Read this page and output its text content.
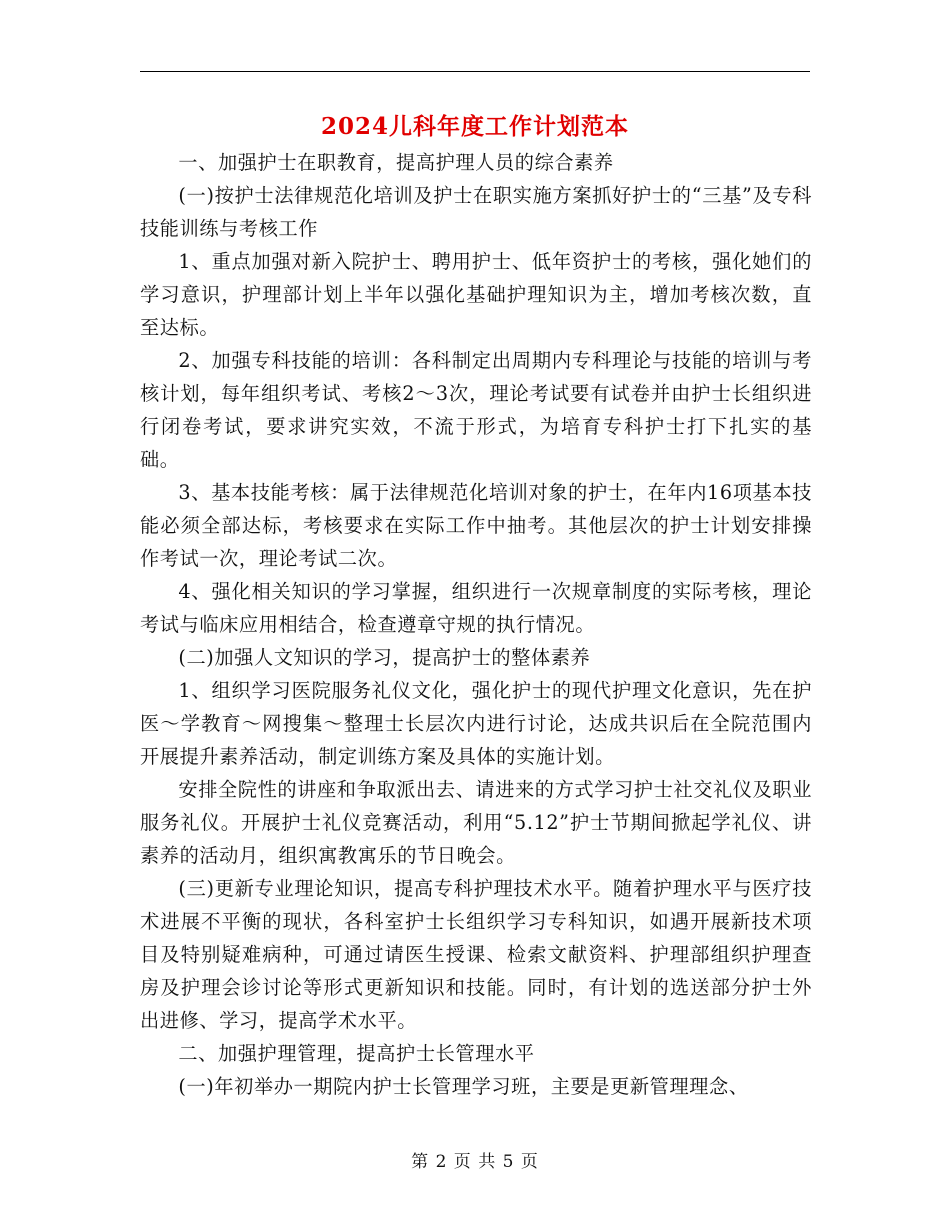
2024儿科年度工作计划范本

一、加强护士在职教育，提高护理人员的综合素养

(一)按护士法律规范化培训及护士在职实施方案抓好护士的“三基”及专科技能训练与考核工作

1、重点加强对新入院护士、聘用护士、低年资护士的考核，强化她们的学习意识，护理部计划上半年以强化基础护理知识为主，增加考核次数，直至达标。

2、加强专科技能的培训：各科制定出周期内专科理论与技能的培训与考核计划，每年组织考试、考核2～3次，理论考试要有试卷并由护士长组织进行闭卷考试，要求讲究实效，不流于形式，为培育专科护士打下扎实的基础。

3、基本技能考核：属于法律规范化培训对象的护士，在年内16项基本技能必须全部达标，考核要求在实际工作中抽考。其他层次的护士计划安排操作考试一次，理论考试二次。

4、强化相关知识的学习掌握，组织进行一次规章制度的实际考核，理论考试与临床应用相结合，检查遵章守规的执行情况。

(二)加强人文知识的学习，提高护士的整体素养

1、组织学习医院服务礼仪文化，强化护士的现代护理文化意识，先在护医～学教育～网搜集～整理士长层次内进行讨论，达成共识后在全院范围内开展提升素养活动，制定训练方案及具体的实施计划。

安排全院性的讲座和争取派出去、请进来的方式学习护士社交礼仪及职业服务礼仪。开展护士礼仪竞赛活动，利用“5.12”护士节期间掀起学礼仪、讲素养的活动月，组织寓教寓乐的节日晚会。

(三)更新专业理论知识，提高专科护理技术水平。随着护理水平与医疗技术进展不平衡的现状，各科室护士长组织学习专科知识，如遇开展新技术项目及特别疑难病种，可通过请医生授课、检索文献资料、护理部组织护理查房及护理会诊讨论等形式更新知识和技能。同时，有计划的选送部分护士外出进修、学习，提高学术水平。

二、加强护理管理，提高护士长管理水平

(一)年初举办一期院内护士长管理学习班，主要是更新管理理念、

第 2 页 共 5 页
